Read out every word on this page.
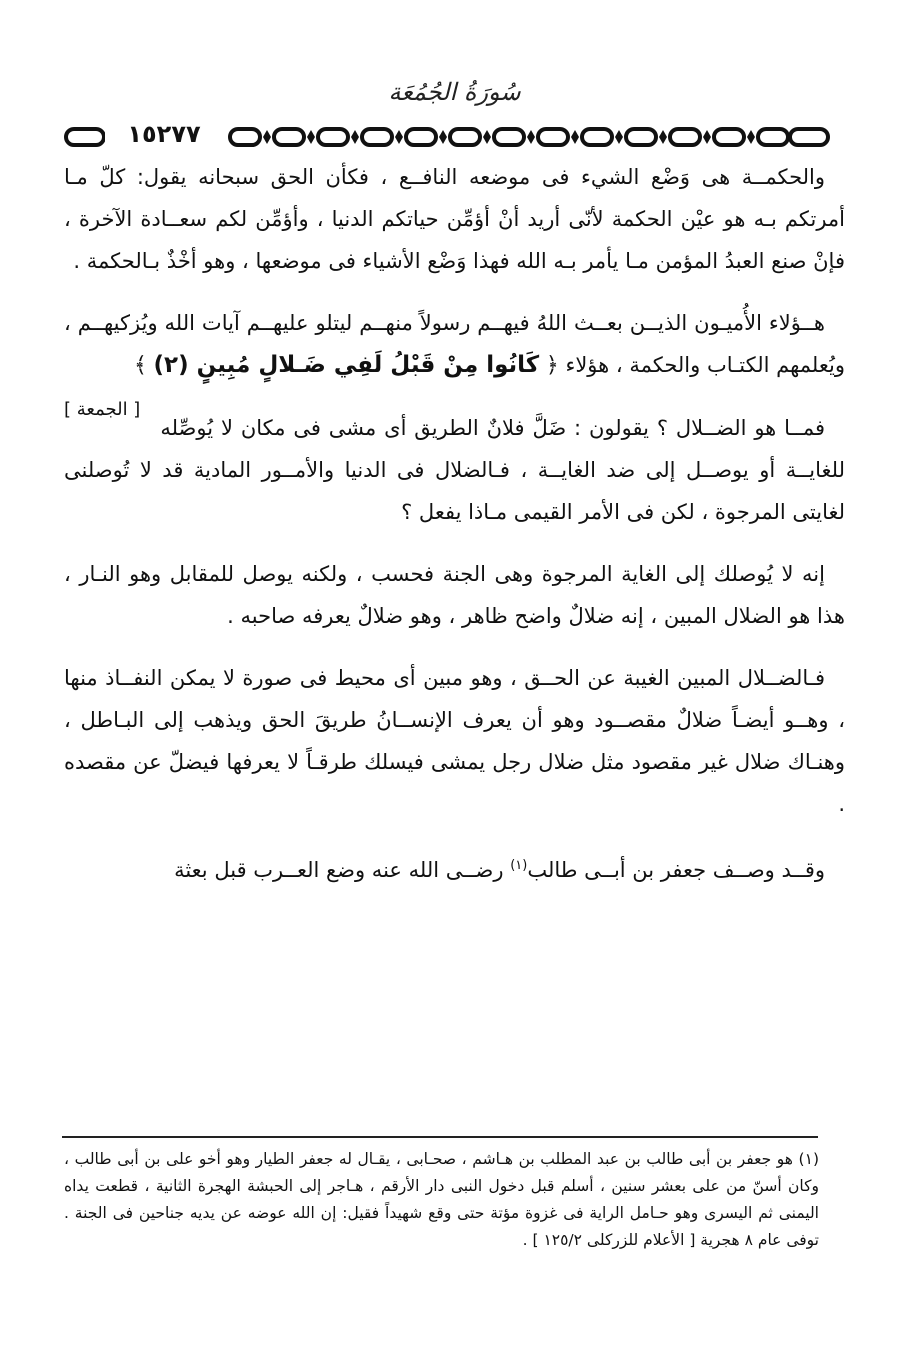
سُورَةُ الجُمُعَة
١٥٢٧٧

والحكمــة هى وَضْع الشيء فى موضعه النافــع ، فكأن الحق سبحانه يقول: كلّ مـا أمرتكم بـه هو عيْن الحكمة لأنّى أريد أنْ أؤمِّن حياتكم الدنيا ، وأؤمِّن لكم سعــادة الآخرة ، فإنْ صنع العبدُ المؤمن مـا يأمر بـه الله فهذا وَضْع الأشياء فى موضعها ، وهو أخْذٌ بـالحكمة .

هــؤلاء الأُميـون الذيــن بعــث اللهُ فيهــم رسولاً منهــم ليتلو عليهــم آيات الله ويُزكيهــم ، ويُعلمهم الكتـاب والحكمة ، هؤلاء ﴿ كَانُوا مِنْ قَبْلُ لَفِي ضَـلالٍ مُبِينٍ (٢) ﴾
[ الجمعة ]

فمــا هو الضــلال ؟ يقولون : ضَلَّ فلانٌ الطريق أى مشى فى مكان لا يُوصِّله للغايــة أو يوصــل إلى ضد الغايــة ، فـالضلال فى الدنيا والأمــور المادية قد لا تُوصلنى لغايتى المرجوة ، لكن فى الأمر القيمى مـاذا يفعل ؟

إنه لا يُوصلك إلى الغاية المرجوة وهى الجنة فحسب ، ولكنه يوصل للمقابل وهو النـار ، هذا هو الضلال المبين ، إنه ضلالٌ واضح ظاهر ، وهو ضلالٌ يعرفه صاحبه .

فـالضــلال المبين الغيبة عن الحــق ، وهو مبين أى محيط فى صورة لا يمكن النفــاذ منها ، وهــو أيضـاً ضلالٌ مقصــود وهو أن يعرف الإنســانُ طريقَ الحق ويذهب إلى البـاطل ، وهنـاك ضلال غير مقصود مثل ضلال رجل يمشى فيسلك طرقـاً لا يعرفها فيضلّ عن مقصده .

وقــد وصــف جعفر بن أبــى طالب$^{(١)}$ رضــى الله عنه وضع العــرب قبل بعثة

(١) هو جعفر بن أبى طالب بن عبد المطلب بن هـاشم ، صحـابى ، يقـال له جعفر الطيار وهو أخو على بن أبى طالب ، وكان أسنّ من على بعشر سنين ، أسلم قبل دخول النبى دار الأرقم ، هـاجر إلى الحبشة الهجرة الثانية ، قطعت يداه اليمنى ثم اليسرى وهو حـامل الراية فى غزوة مؤتة حتى وقع شهيداً فقيل: إن الله عوضه عن يديه جناحين فى الجنة . توفى عام ٨ هجرية [ الأعلام للزركلى ١٢٥/٢ ] .
